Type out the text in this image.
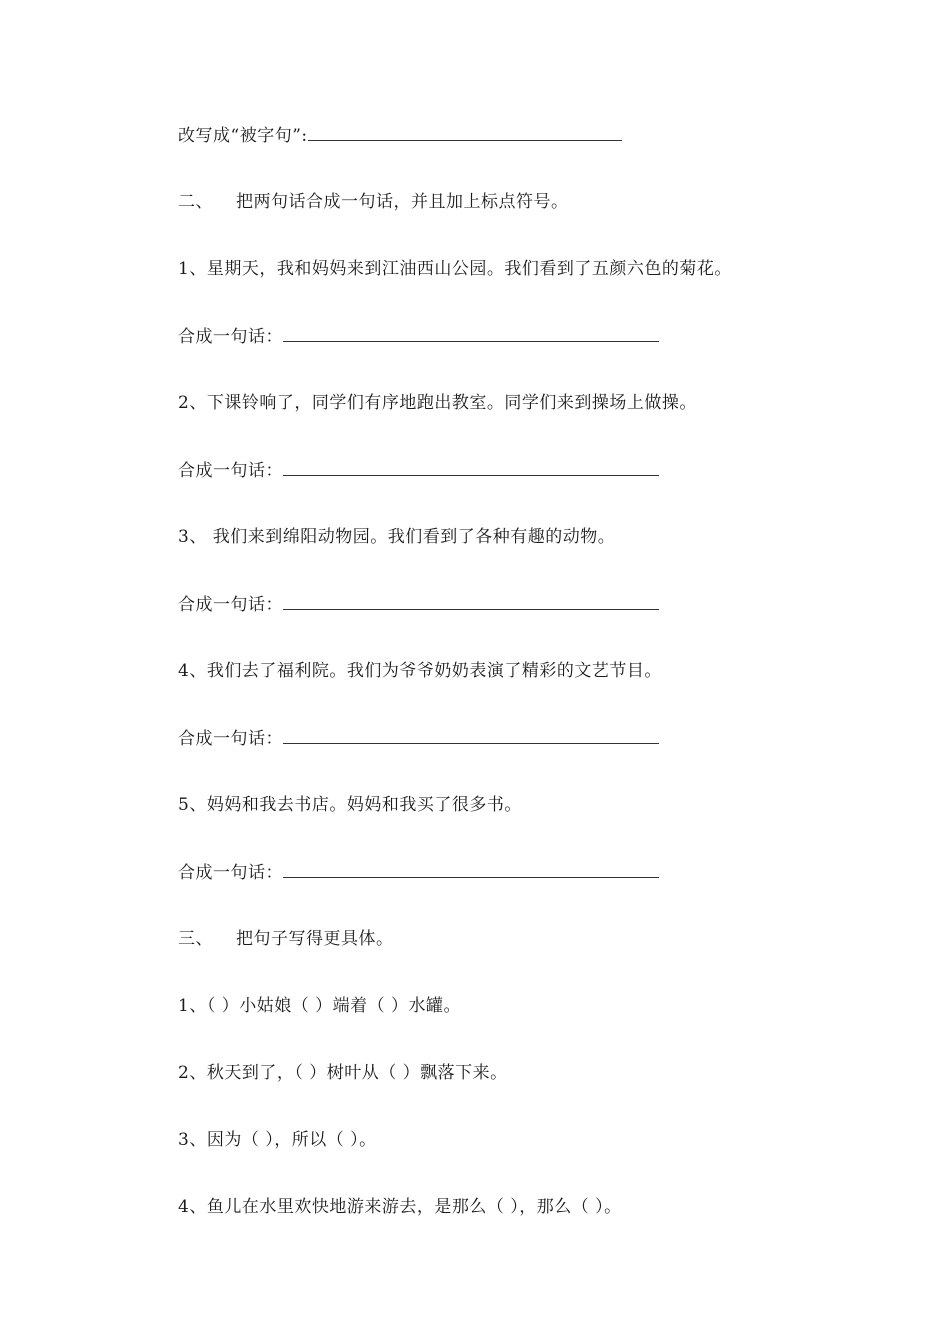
改写成“被字句”:
二、 把两句话合成一句话，并且加上标点符号。
1、星期天，我和妈妈来到江油西山公园。我们看到了五颜六色的菊花。
合成一句话：
2、下课铃响了，同学们有序地跑出教室。同学们来到操场上做操。
合成一句话：
3、 我们来到绵阳动物园。我们看到了各种有趣的动物。
合成一句话：
4、我们去了福利院。我们为爷爷奶奶表演了精彩的文艺节目。
合成一句话：
5、妈妈和我去书店。妈妈和我买了很多书。
合成一句话：
三、 把句子写得更具体。
1、（ ）小姑娘（ ）端着（ ）水罐。
2、秋天到了，（ ）树叶从（ ）飘落下来。
3、因为（ ），所以（ ）。
4、鱼儿在水里欢快地游来游去，是那么（ ），那么（ ）。
